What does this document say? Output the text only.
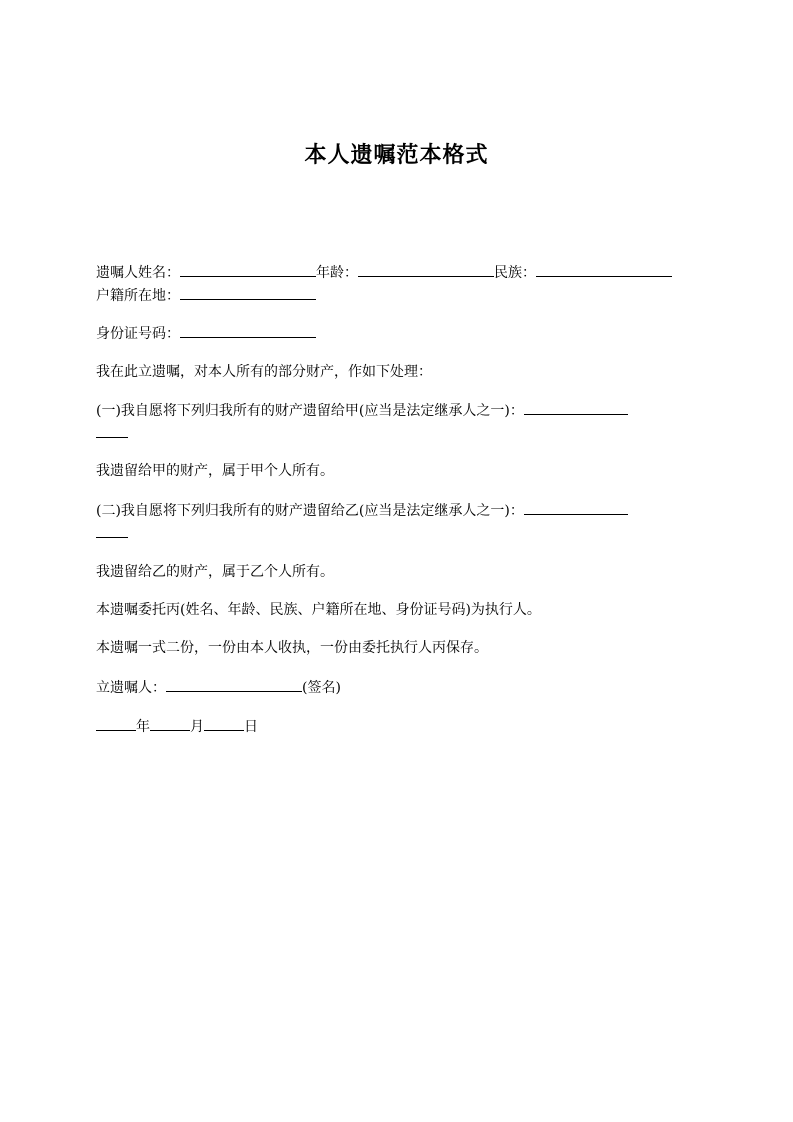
本人遗嘱范本格式
遗嘱人姓名：	年龄：	民族：
户籍所在地：
身份证号码：
我在此立遗嘱，对本人所有的部分财产，作如下处理：
(一)我自愿将下列归我所有的财产遗留给甲(应当是法定继承人之一)：
我遗留给甲的财产，属于甲个人所有。
(二)我自愿将下列归我所有的财产遗留给乙(应当是法定继承人之一)：
我遗留给乙的财产，属于乙个人所有。
本遗嘱委托丙(姓名、年龄、民族、户籍所在地、身份证号码)为执行人。
本遗嘱一式二份，一份由本人收执，一份由委托执行人丙保存。
立遗嘱人：	(签名)
年	月	日
